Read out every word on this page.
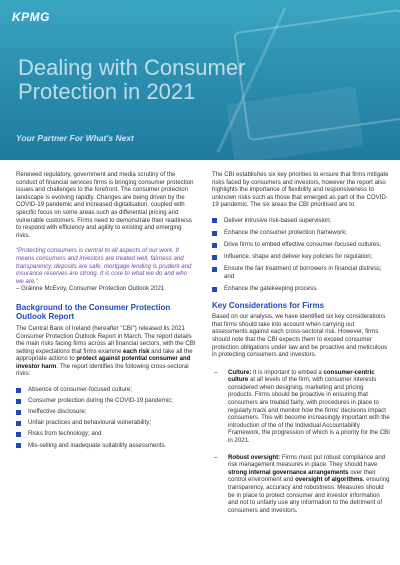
KPMG
Dealing with Consumer Protection in 2021
Your Partner For What's Next

Renewed regulatory, government and media scrutiny of the conduct of financial services firms is bringing consumer protection issues and challenges to the forefront. The consumer protection landscape is evolving rapidly. Changes are being driven by the COVID-19 pandemic and increased digitalisation, coupled with specific focus on some areas such as differential pricing and vulnerable customers. Firms need to demonstrate their readiness to respond with efficiency and agility to existing and emerging risks.

“Protecting consumers is central to all aspects of our work. It means consumers and investors are treated well, fairness and transparency, deposits are safe, mortgage lending is prudent and insurance reserves are strong. It is core to what we do and who we are.”
– Gráinne McEvoy, Consumer Protection Outlook 2021

Background to the Consumer Protection Outlook Report

The Central Bank of Ireland (hereafter "CBI") released its 2021 Consumer Protection Outlook Report in March. The report details the main risks facing firms across all financial sectors, with the CBI setting expectations that firms examine each risk and take all the appropriate actions to protect against potential consumer and investor harm. The report identifies the following cross-sectoral risks:

Absence of consumer-focused culture;
Consumer protection during the COVID-19 pandemic;
Ineffective disclosure;
Unfair practices and behavioural vulnerability;
Risks from technology; and
Mis-selling and inadequate suitability assessments.

The CBI establishes six key priorities to ensure that firms mitigate risks faced by consumers and investors, however the report also highlights the importance of flexibility and responsiveness to unknown risks such as those that emerged as part of the COVID-19 pandemic. The six areas the CBI prioritised are to:

Deliver intrusive risk-based supervision;
Enhance the consumer protection framework;
Drive firms to embed effective consumer-focused cultures;
Influence, shape and deliver key policies for regulation;
Ensure the fair treatment of borrowers in financial distress; and
Enhance the gatekeeping process.
Key Considerations for Firms

Based on our analysis, we have identified six key considerations that firms should take into account when carrying out assessments against each cross-sectoral risk. However, firms should note that the CBI expects them to exceed consumer protection obligations under law and be proactive and meticulous in protecting consumers and investors.

– Culture: It is important to embed a consumer-centric culture at all levels of the firm, with consumer interests considered when designing, marketing and pricing products. Firms should be proactive in ensuring that consumers are treated fairly, with procedures in place to regularly track and monitor how the firms' decisions impact consumers. This will become increasingly important with the introduction of the of the Individual Accountability Framework, the progression of which is a priority for the CBI in 2021.
– Robust oversight: Firms must put robust compliance and risk management measures in place. They should have strong internal governance arrangements over their control environment and oversight of algorithms, ensuring transparency, accuracy and robustness. Measures should be in place to protect consumer and investor information and not to unfairly use any information to the detriment of consumers and investors.
